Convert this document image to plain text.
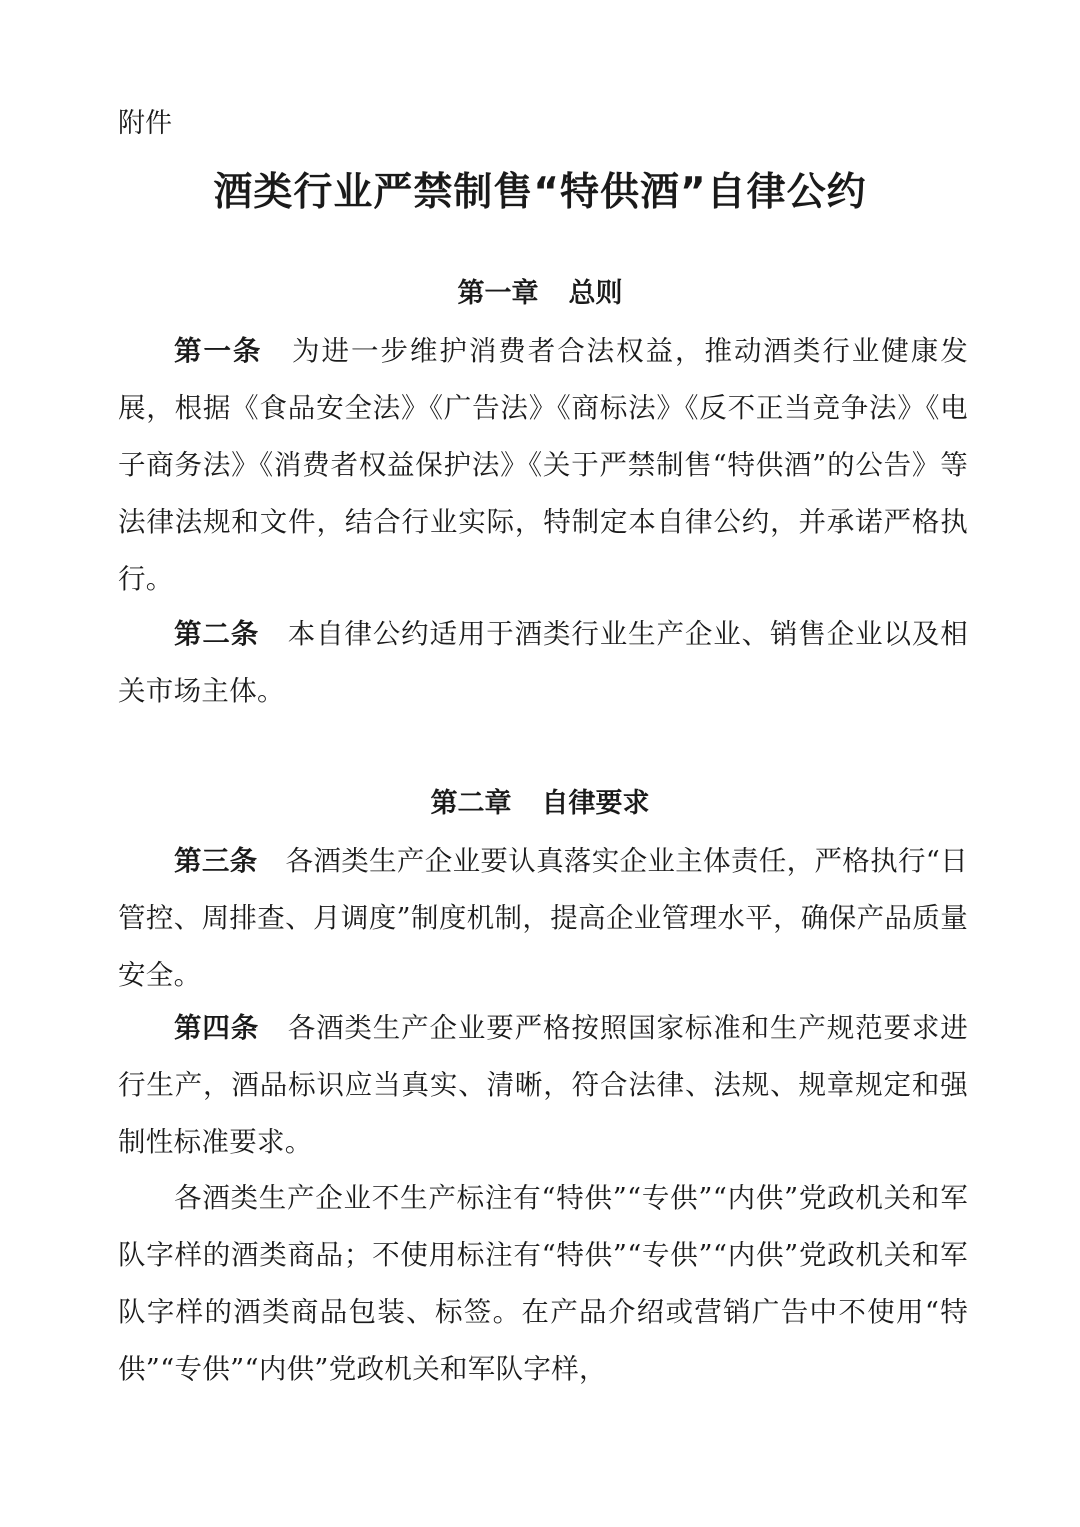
附件
酒类行业严禁制售“特供酒”自律公约
第一章 总则
第一条 为进一步维护消费者合法权益，推动酒类行业健康发展，根据《食品安全法》《广告法》《商标法》《反不正当竞争法》《电子商务法》《消费者权益保护法》《关于严禁制售“特供酒”的公告》等法律法规和文件，结合行业实际，特制定本自律公约，并承诺严格执行。
第二条 本自律公约适用于酒类行业生产企业、销售企业以及相关市场主体。
第二章 自律要求
第三条 各酒类生产企业要认真落实企业主体责任，严格执行“日管控、周排查、月调度”制度机制，提高企业管理水平，确保产品质量安全。
第四条 各酒类生产企业要严格按照国家标准和生产规范要求进行生产，酒品标识应当真实、清晰，符合法律、法规、规章规定和强制性标准要求。
各酒类生产企业不生产标注有“特供”“专供”“内供”党政机关和军队字样的酒类商品；不使用标注有“特供”“专供”“内供”党政机关和军队字样的酒类商品包装、标签。在产品介绍或营销广告中不使用“特供”“专供”“内供”党政机关和军队字样，
